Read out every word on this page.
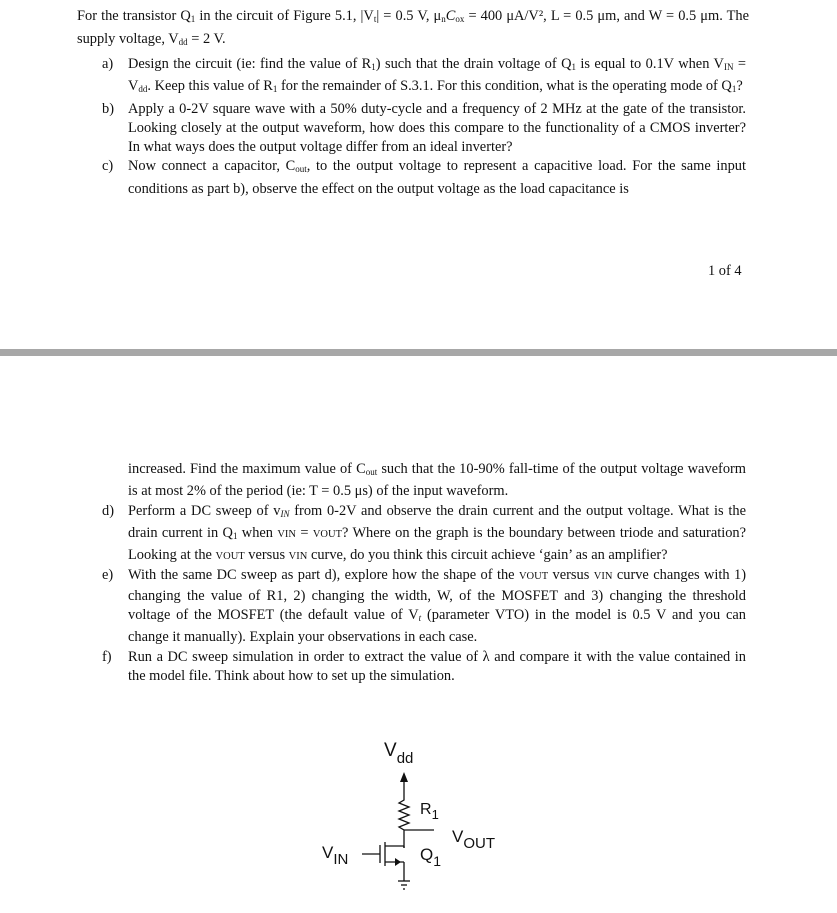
For the transistor $Q_1$ in the circuit of Figure 5.1, $|V_t| = 0.5$ V, $\mu_nC_{ox} = 400$ μA/V², L = 0.5 μm, and W = 0.5 μm. The supply voltage, $V_{dd} = 2$ V.
a) Design the circuit (ie: find the value of $R_1$) such that the drain voltage of $Q_1$ is equal to 0.1V when $V_{IN} = V_{dd}$. Keep this value of $R_1$ for the remainder of S.3.1. For this condition, what is the operating mode of $Q_1$?
b) Apply a 0-2V square wave with a 50% duty-cycle and a frequency of 2 MHz at the gate of the transistor. Looking closely at the output waveform, how does this compare to the functionality of a CMOS inverter? In what ways does the output voltage differ from an ideal inverter?
c) Now connect a capacitor, $C_{out}$, to the output voltage to represent a capacitive load. For the same input conditions as part b), observe the effect on the output voltage as the load capacitance is
1 of 4
increased. Find the maximum value of $C_{out}$ such that the 10-90% fall-time of the output voltage waveform is at most 2% of the period (ie: T = 0.5 μs) of the input waveform.
d) Perform a DC sweep of $v_{IN}$ from 0-2V and observe the drain current and the output voltage. What is the drain current in $Q_1$ when VIN = VOUT? Where on the graph is the boundary between triode and saturation? Looking at the VOUT versus VIN curve, do you think this circuit achieve ‘gain’ as an amplifier?
e) With the same DC sweep as part d), explore how the shape of the VOUT versus VIN curve changes with 1) changing the value of R1, 2) changing the width, W, of the MOSFET and 3) changing the threshold voltage of the MOSFET (the default value of $V_t$ (parameter VTO) in the model is 0.5 V and you can change it manually). Explain your observations in each case.
f) Run a DC sweep simulation in order to extract the value of λ and compare it with the value contained in the model file. Think about how to set up the simulation.
$V_{dd}$
$R_1$
VOUT
VIN	$Q_1$
